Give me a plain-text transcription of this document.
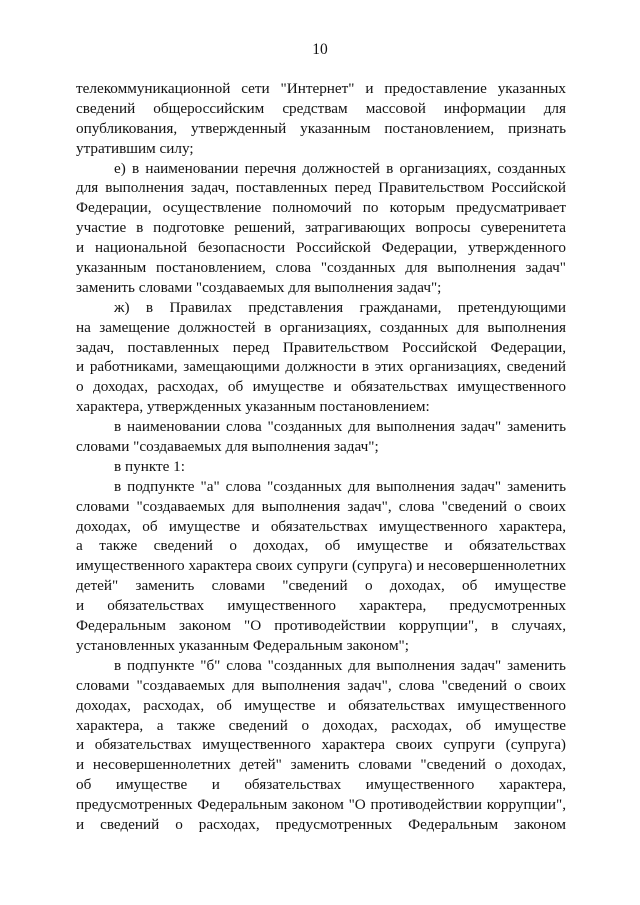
10
телекоммуникационной сети "Интернет" и предоставление указанных
сведений общероссийским средствам массовой информации для
опубликования, утвержденный указанным постановлением, признать
утратившим силу;
е) в наименовании перечня должностей в организациях, созданных
для выполнения задач, поставленных перед Правительством Российской
Федерации, осуществление полномочий по которым предусматривает
участие в подготовке решений, затрагивающих вопросы суверенитета
и национальной безопасности Российской Федерации, утвержденного
указанным постановлением, слова "созданных для выполнения задач"
заменить словами "создаваемых для выполнения задач";
ж) в Правилах представления гражданами, претендующими
на замещение должностей в организациях, созданных для выполнения
задач, поставленных перед Правительством Российской Федерации,
и работниками, замещающими должности в этих организациях, сведений
о доходах, расходах, об имуществе и обязательствах имущественного
характера, утвержденных указанным постановлением:
в наименовании слова "созданных для выполнения задач" заменить
словами "создаваемых для выполнения задач";
в пункте 1:
в подпункте "а" слова "созданных для выполнения задач" заменить
словами "создаваемых для выполнения задач", слова "сведений о своих
доходах, об имуществе и обязательствах имущественного характера,
а также сведений о доходах, об имуществе и обязательствах
имущественного характера своих супруги (супруга) и несовершеннолетних
детей" заменить словами "сведений о доходах, об имуществе
и обязательствах имущественного характера, предусмотренных
Федеральным законом "О противодействии коррупции", в случаях,
установленных указанным Федеральным законом";
в подпункте "б" слова "созданных для выполнения задач" заменить
словами "создаваемых для выполнения задач", слова "сведений о своих
доходах, расходах, об имуществе и обязательствах имущественного
характера, а также сведений о доходах, расходах, об имуществе
и обязательствах имущественного характера своих супруги (супруга)
и несовершеннолетних детей" заменить словами "сведений о доходах,
об имуществе и обязательствах имущественного характера,
предусмотренных Федеральным законом "О противодействии коррупции",
и сведений о расходах, предусмотренных Федеральным законом
